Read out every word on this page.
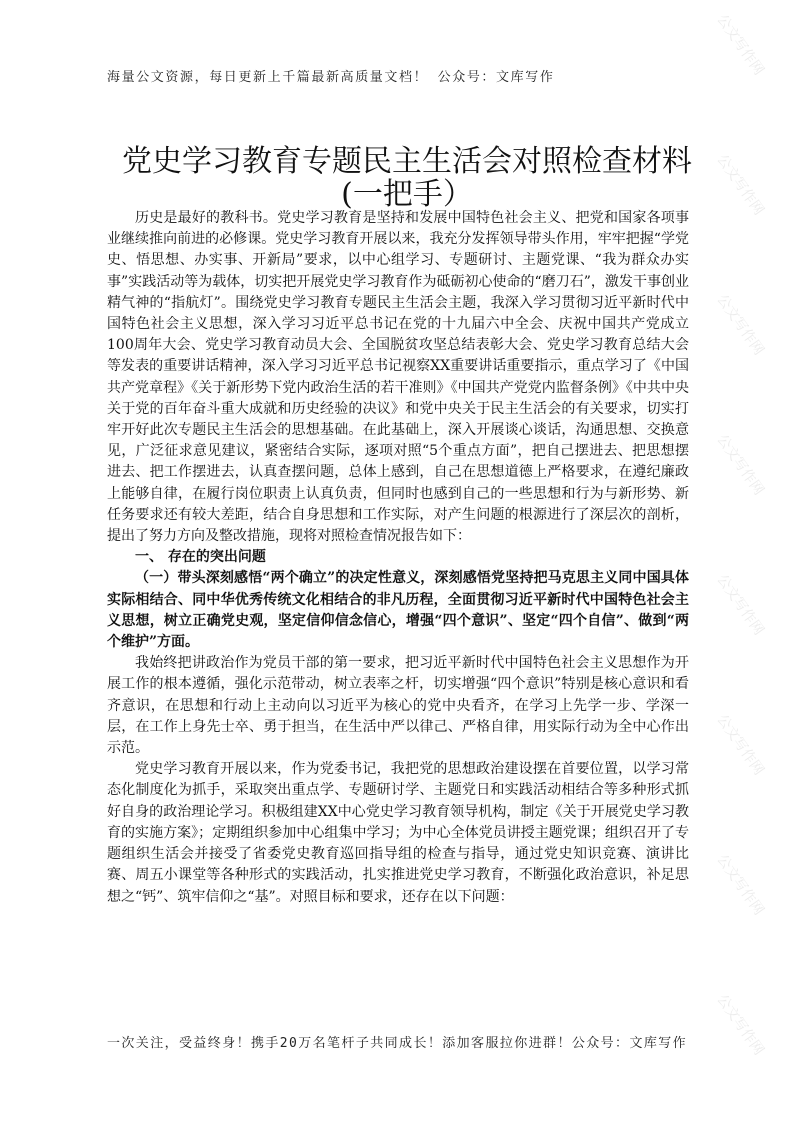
公文写作网
公文写作网
公文写作网
公文写作网
公文写作网
公文写作网
公文写作网
公文写作网
海量公文资源，每日更新上千篇最新高质量文档！ 公众号：文库写作
党史学习教育专题民主生活会对照检查材料
(一把手）

历史是最好的教科书。党史学习教育是坚持和发展中国特色社会主义、把党和国家各项事业继续推向前进的必修课。党史学习教育开展以来，我充分发挥领导带头作用，牢牢把握“学党史、悟思想、办实事、开新局”要求，以中心组学习、专题研讨、主题党课、“我为群众办实事”实践活动等为载体，切实把开展党史学习教育作为砥砺初心使命的“磨刀石”，激发干事创业精气神的“指航灯”。围绕党史学习教育专题民主生活会主题，我深入学习贯彻习近平新时代中国特色社会主义思想，深入学习习近平总书记在党的十九届六中全会、庆祝中国共产党成立100周年大会、党史学习教育动员大会、全国脱贫攻坚总结表彰大会、党史学习教育总结大会等发表的重要讲话精神，深入学习习近平总书记视察XX重要讲话重要指示，重点学习了《中国共产党章程》《关于新形势下党内政治生活的若干准则》《中国共产党党内监督条例》《中共中央关于党的百年奋斗重大成就和历史经验的决议》和党中央关于民主生活会的有关要求，切实打牢开好此次专题民主生活会的思想基础。在此基础上，深入开展谈心谈话，沟通思想、交换意见，广泛征求意见建议，紧密结合实际，逐项对照“5个重点方面”，把自己摆进去、把思想摆进去、把工作摆进去，认真查摆问题，总体上感到，自己在思想道德上严格要求，在遵纪廉政上能够自律，在履行岗位职责上认真负责，但同时也感到自己的一些思想和行为与新形势、新任务要求还有较大差距，结合自身思想和工作实际，对产生问题的根源进行了深层次的剖析，提出了努力方向及整改措施，现将对照检查情况报告如下：

一、 存在的突出问题
（一）带头深刻感悟“两个确立”的决定性意义，深刻感悟党坚持把马克思主义同中国具体实际相结合、同中华优秀传统文化相结合的非凡历程，全面贯彻习近平新时代中国特色社会主义思想，树立正确党史观，坚定信仰信念信心，增强“四个意识”、坚定“四个自信”、做到“两个维护”方面。

我始终把讲政治作为党员干部的第一要求，把习近平新时代中国特色社会主义思想作为开展工作的根本遵循，强化示范带动，树立表率之杆，切实增强“四个意识”特别是核心意识和看齐意识，在思想和行动上主动向以习近平为核心的党中央看齐，在学习上先学一步、学深一层，在工作上身先士卒、勇于担当，在生活中严以律己、严格自律，用实际行动为全中心作出示范。

党史学习教育开展以来，作为党委书记，我把党的思想政治建设摆在首要位置，以学习常态化制度化为抓手，采取突出重点学、专题研讨学、主题党日和实践活动相结合等多种形式抓好自身的政治理论学习。积极组建XX中心党史学习教育领导机构，制定《关于开展党史学习教育的实施方案》；定期组织参加中心组集中学习；为中心全体党员讲授主题党课；组织召开了专题组织生活会并接受了省委党史教育巡回指导组的检查与指导，通过党史知识竞赛、演讲比赛、周五小课堂等各种形式的实践活动，扎实推进党史学习教育，不断强化政治意识，补足思想之“钙”、筑牢信仰之“基”。对照目标和要求，还存在以下问题：

一次关注，受益终身！携手20万名笔杆子共同成长！添加客服拉你进群！公众号：文库写作
